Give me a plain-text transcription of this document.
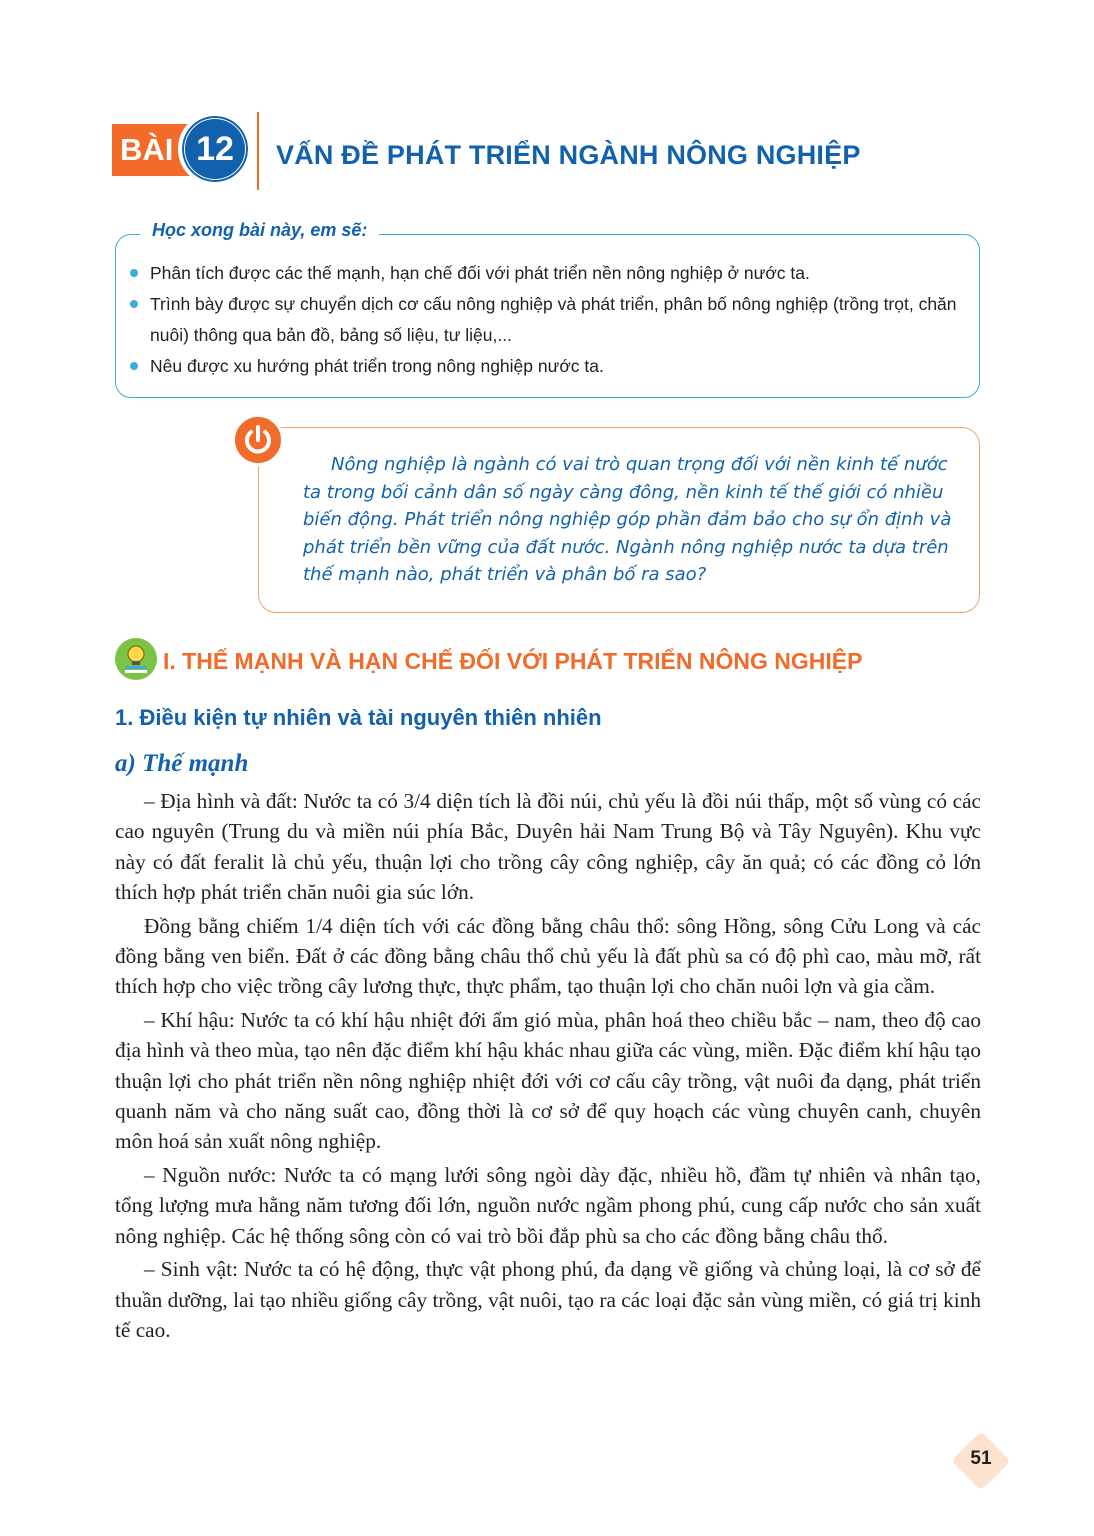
BÀI 12	VẤN ĐỀ PHÁT TRIỂN NGÀNH NÔNG NGHIỆP
Học xong bài này, em sẽ:
Phân tích được các thế mạnh, hạn chế đối với phát triển nền nông nghiệp ở nước ta.
Trình bày được sự chuyển dịch cơ cấu nông nghiệp và phát triển, phân bố nông nghiệp (trồng trọt, chăn nuôi) thông qua bản đồ, bảng số liệu, tư liệu,...
Nêu được xu hướng phát triển trong nông nghiệp nước ta.

Nông nghiệp là ngành có vai trò quan trọng đối với nền kinh tế nước ta trong bối cảnh dân số ngày càng đông, nền kinh tế thế giới có nhiều biến động. Phát triển nông nghiệp góp phần đảm bảo cho sự ổn định và phát triển bền vững của đất nước. Ngành nông nghiệp nước ta dựa trên thế mạnh nào, phát triển và phân bố ra sao?

I. THẾ MẠNH VÀ HẠN CHẾ ĐỐI VỚI PHÁT TRIỂN NÔNG NGHIỆP
1. Điều kiện tự nhiên và tài nguyên thiên nhiên
a) Thế mạnh

– Địa hình và đất: Nước ta có 3/4 diện tích là đồi núi, chủ yếu là đồi núi thấp, một số vùng có các cao nguyên (Trung du và miền núi phía Bắc, Duyên hải Nam Trung Bộ và Tây Nguyên). Khu vực này có đất feralit là chủ yếu, thuận lợi cho trồng cây công nghiệp, cây ăn quả; có các đồng cỏ lớn thích hợp phát triển chăn nuôi gia súc lớn.

Đồng bằng chiếm 1/4 diện tích với các đồng bằng châu thổ: sông Hồng, sông Cửu Long và các đồng bằng ven biển. Đất ở các đồng bằng châu thổ chủ yếu là đất phù sa có độ phì cao, màu mỡ, rất thích hợp cho việc trồng cây lương thực, thực phẩm, tạo thuận lợi cho chăn nuôi lợn và gia cầm.

– Khí hậu: Nước ta có khí hậu nhiệt đới ẩm gió mùa, phân hoá theo chiều bắc – nam, theo độ cao địa hình và theo mùa, tạo nên đặc điểm khí hậu khác nhau giữa các vùng, miền. Đặc điểm khí hậu tạo thuận lợi cho phát triển nền nông nghiệp nhiệt đới với cơ cấu cây trồng, vật nuôi đa dạng, phát triển quanh năm và cho năng suất cao, đồng thời là cơ sở để quy hoạch các vùng chuyên canh, chuyên môn hoá sản xuất nông nghiệp.

– Nguồn nước: Nước ta có mạng lưới sông ngòi dày đặc, nhiều hồ, đầm tự nhiên và nhân tạo, tổng lượng mưa hằng năm tương đối lớn, nguồn nước ngầm phong phú, cung cấp nước cho sản xuất nông nghiệp. Các hệ thống sông còn có vai trò bồi đắp phù sa cho các đồng bằng châu thổ.

– Sinh vật: Nước ta có hệ động, thực vật phong phú, đa dạng về giống và chủng loại, là cơ sở để thuần dưỡng, lai tạo nhiều giống cây trồng, vật nuôi, tạo ra các loại đặc sản vùng miền, có giá trị kinh tế cao.

51
